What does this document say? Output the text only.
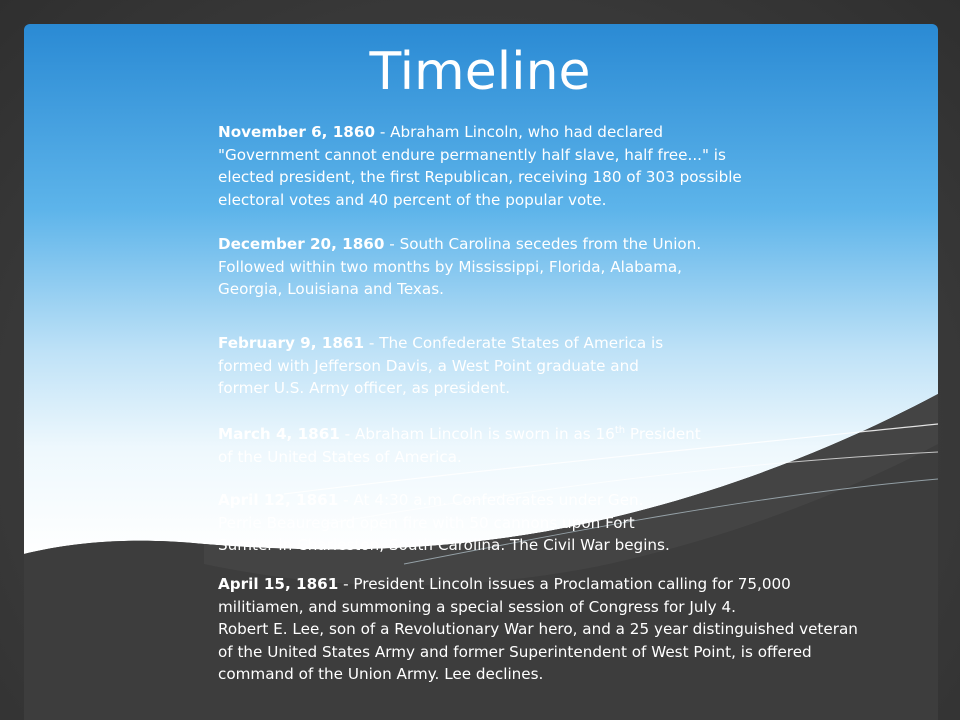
Timeline

November 6, 1860 - Abraham Lincoln, who had declared "Government cannot endure permanently half slave, half free..." is elected president, the first Republican, receiving 180 of 303 possible electoral votes and 40 percent of the popular vote.

December 20, 1860 - South Carolina secedes from the Union. Followed within two months by Mississippi, Florida, Alabama, Georgia, Louisiana and Texas.

February 9, 1861 - The Confederate States of America is formed with Jefferson Davis, a West Point graduate and former U.S. Army officer, as president.

March 4, 1861 - Abraham Lincoln is sworn in as 16th President of the United States of America.

April 12, 1861 - At 4:30 a.m. Confederates under Gen. Perrie Beauregard open fire with 50 cannons upon Fort Sumter in Charleston, South Carolina. The Civil War begins.

April 15, 1861 - President Lincoln issues a Proclamation calling for 75,000 militiamen, and summoning a special session of Congress for July 4.
Robert E. Lee, son of a Revolutionary War hero, and a 25 year distinguished veteran of the United States Army and former Superintendent of West Point, is offered command of the Union Army. Lee declines.
